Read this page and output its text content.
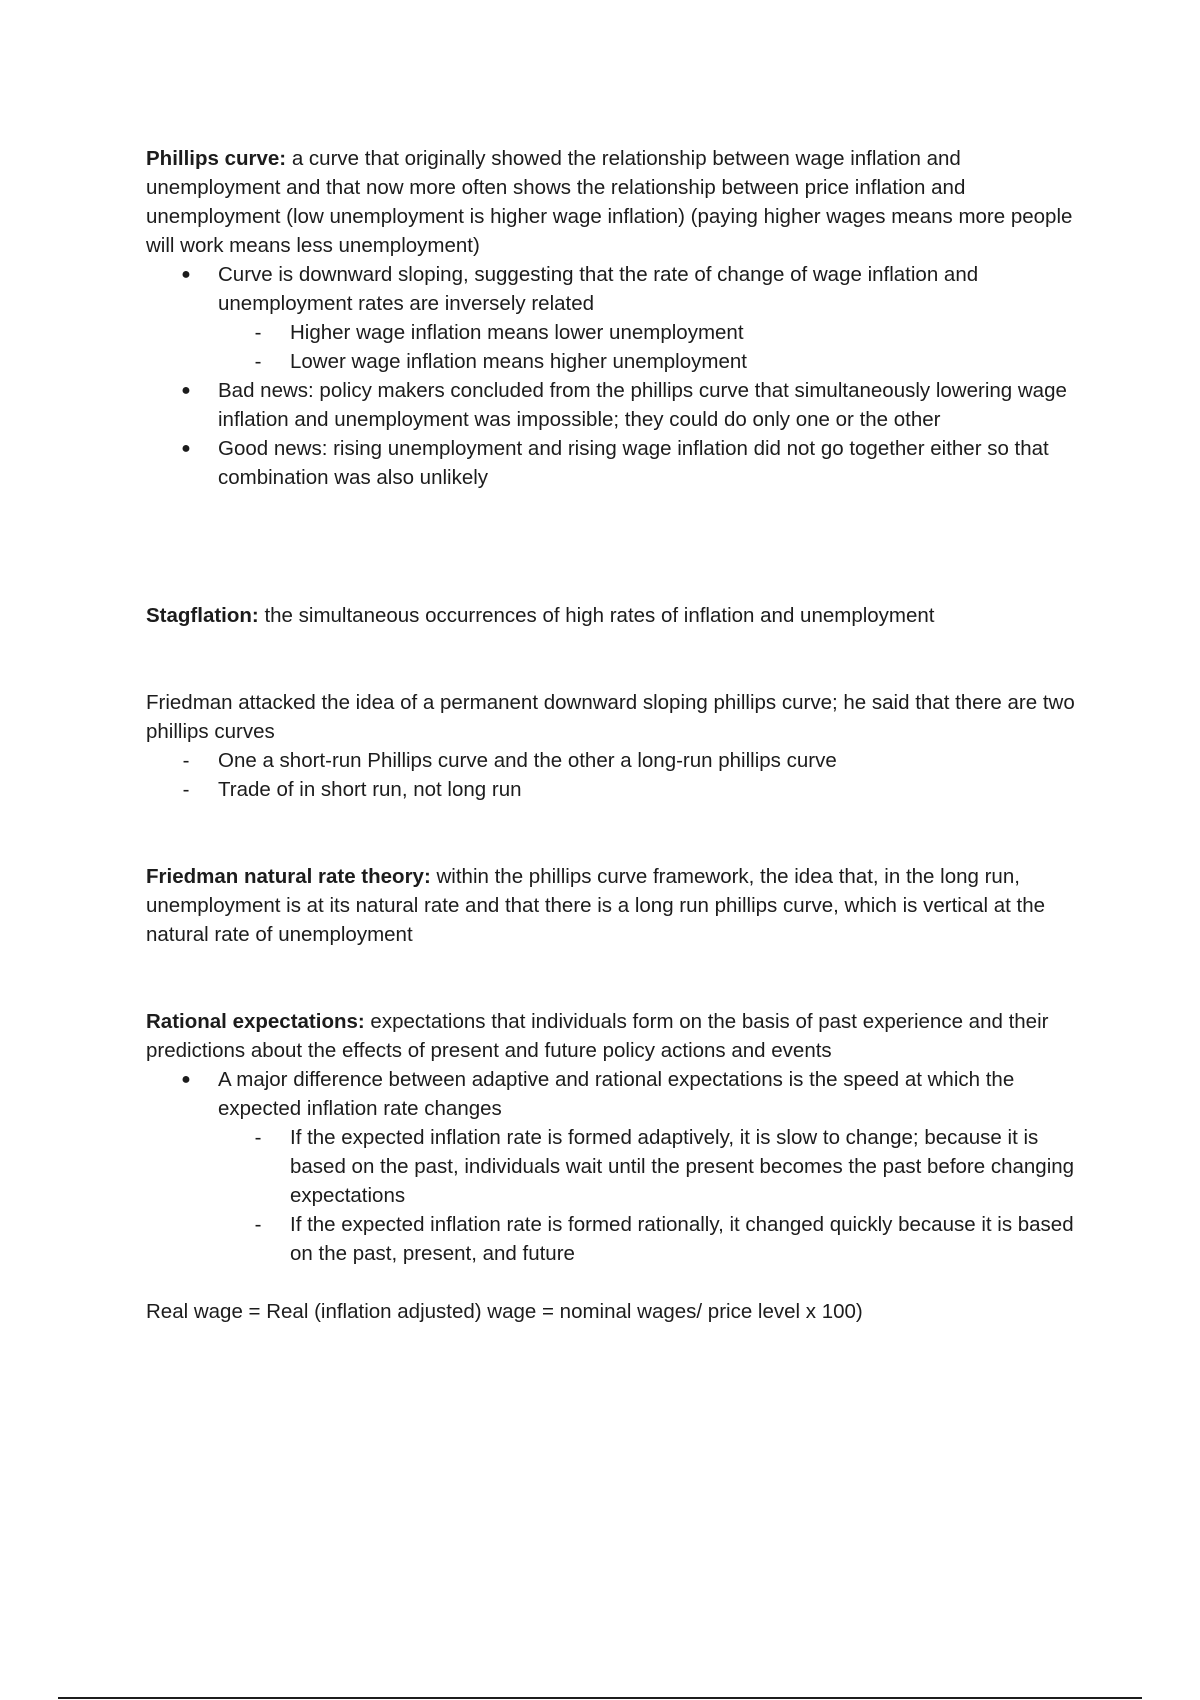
Phillips curve: a curve that originally showed the relationship between wage inflation and unemployment and that now more often shows the relationship between price inflation and unemployment (low unemployment is higher wage inflation) (paying higher wages means more people will work means less unemployment)

● Curve is downward sloping, suggesting that the rate of change of wage inflation and unemployment rates are inversely related
-	Higher wage inflation means lower unemployment
-	Lower wage inflation means higher unemployment
● Bad news: policy makers concluded from the phillips curve that simultaneously lowering wage inflation and unemployment was impossible; they could do only one or the other
● Good news: rising unemployment and rising wage inflation did not go together either so that combination was also unlikely

Stagflation: the simultaneous occurrences of high rates of inflation and unemployment

Friedman attacked the idea of a permanent downward sloping phillips curve; he said that there are two phillips curves

-	One a short-run Phillips curve and the other a long-run phillips curve
-	Trade of in short run, not long run

Friedman natural rate theory: within the phillips curve framework, the idea that, in the long run, unemployment is at its natural rate and that there is a long run phillips curve, which is vertical at the natural rate of unemployment

Rational expectations: expectations that individuals form on the basis of past experience and their predictions about the effects of present and future policy actions and events

● A major difference between adaptive and rational expectations is the speed at which the expected inflation rate changes
-	If the expected inflation rate is formed adaptively, it is slow to change; because it is based on the past, individuals wait until the present becomes the past before changing expectations
-	If the expected inflation rate is formed rationally, it changed quickly because it is based on the past, present, and future

Real wage = Real (inflation adjusted) wage = nominal wages/ price level x 100)
